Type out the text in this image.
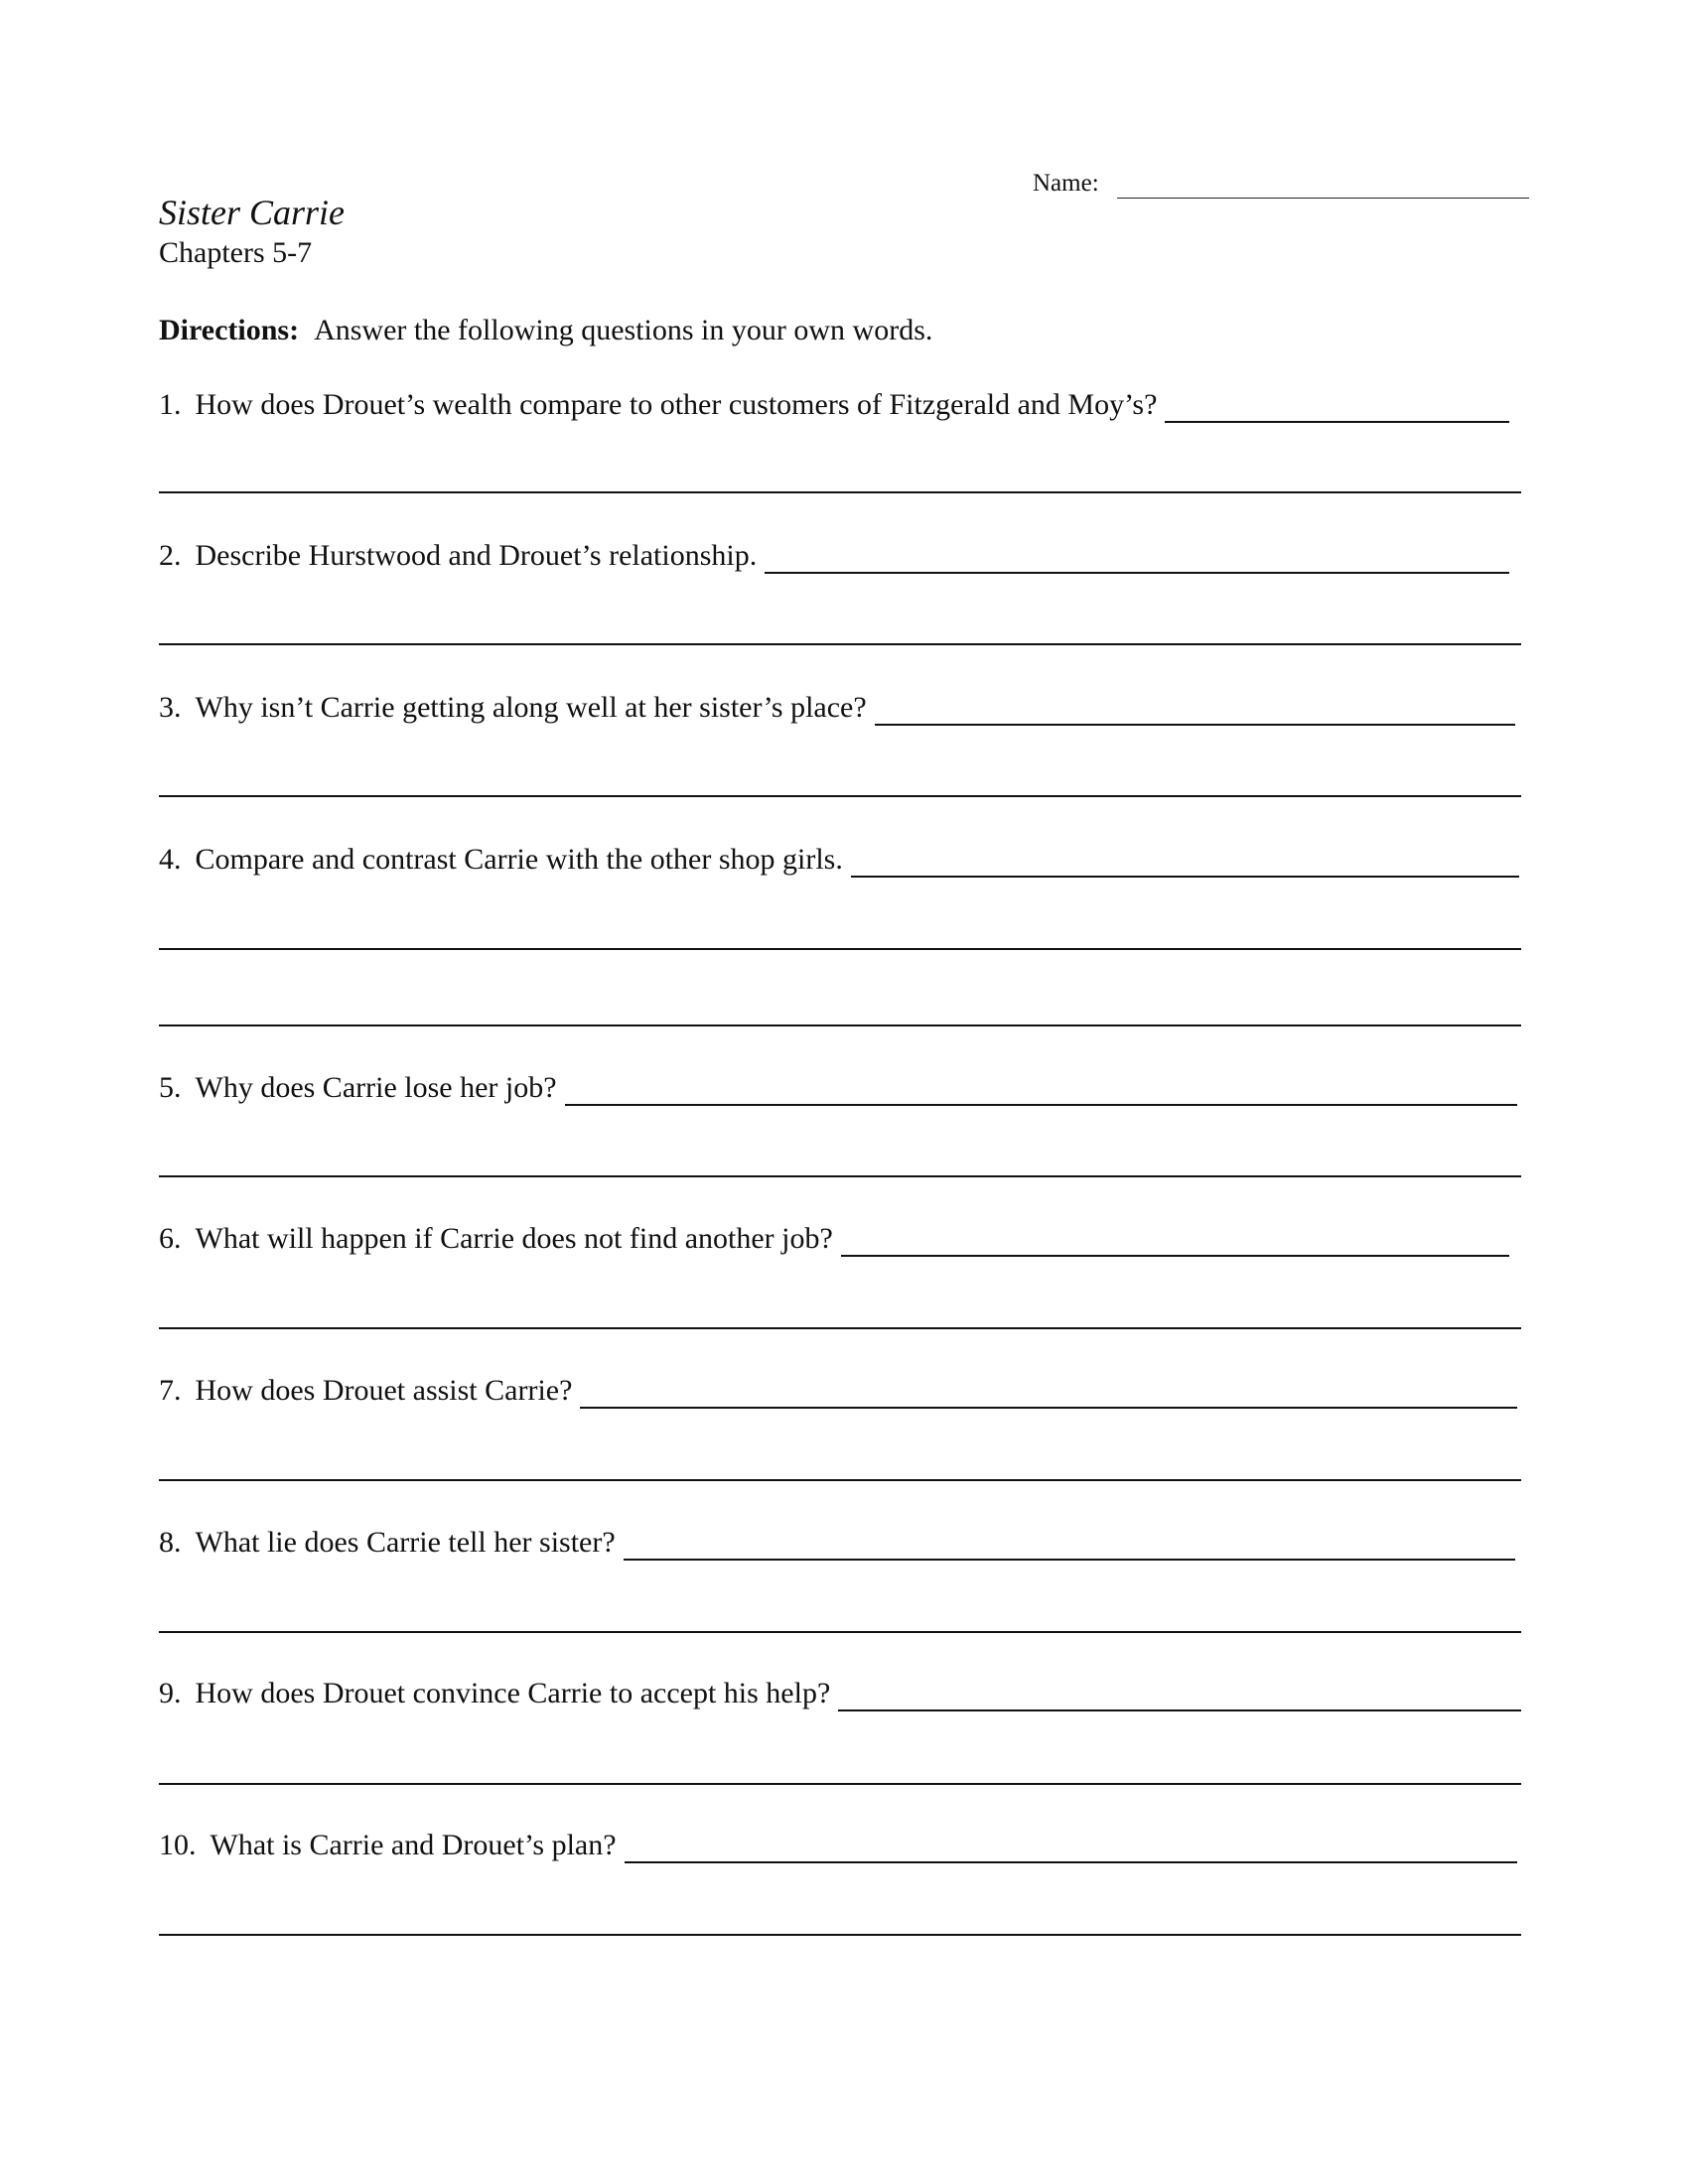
Name:
Sister Carrie
Chapters 5-7
Directions: Answer the following questions in your own words.
1. How does Drouet’s wealth compare to other customers of Fitzgerald and Moy’s?
2. Describe Hurstwood and Drouet’s relationship.
3. Why isn’t Carrie getting along well at her sister’s place?
4. Compare and contrast Carrie with the other shop girls.
5. Why does Carrie lose her job?
6. What will happen if Carrie does not find another job?
7. How does Drouet assist Carrie?
8. What lie does Carrie tell her sister?
9. How does Drouet convince Carrie to accept his help?
10. What is Carrie and Drouet’s plan?
